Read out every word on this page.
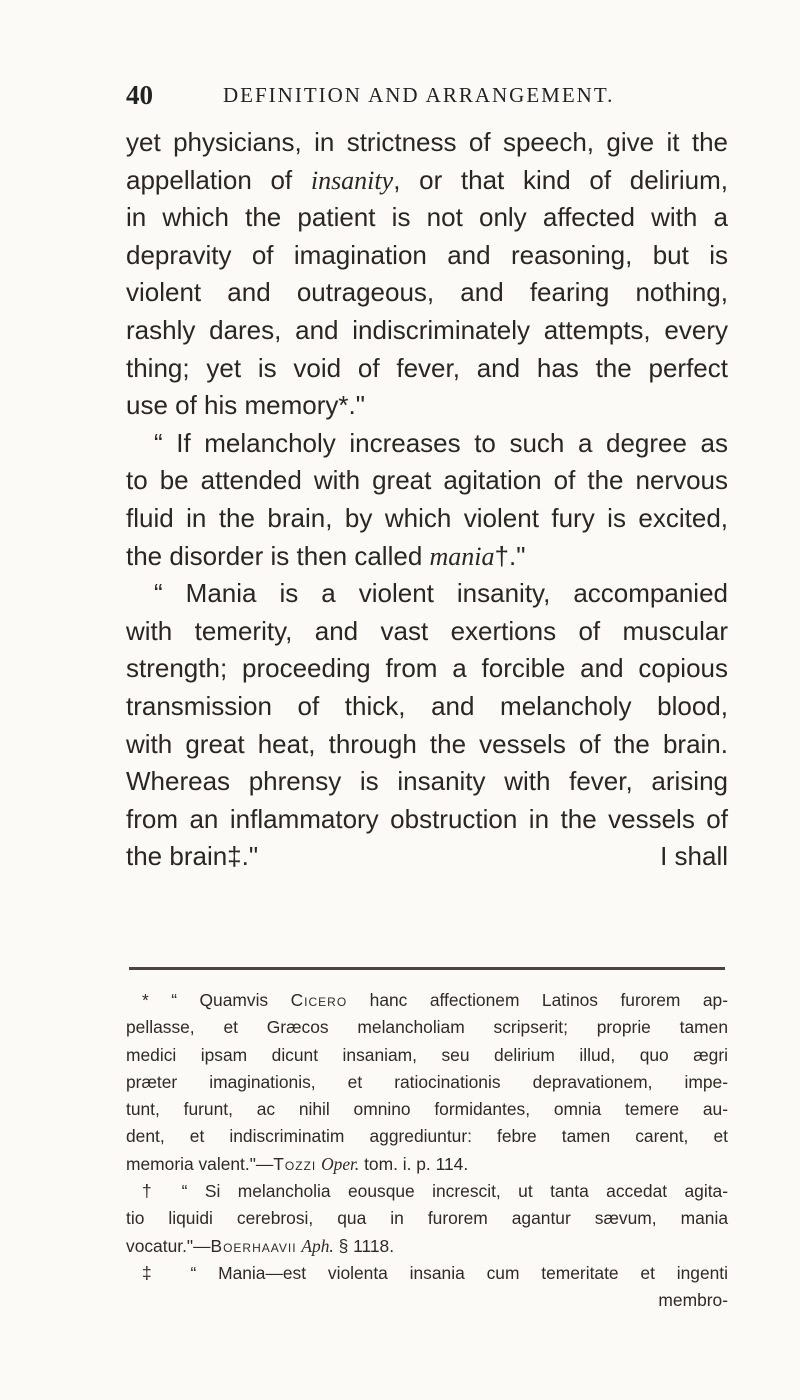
40	DEFINITION AND ARRANGEMENT.
yet physicians, in strictness of speech, give it the
appellation of insanity, or that kind of delirium,
in which the patient is not only affected with a
depravity of imagination and reasoning, but is
violent and outrageous, and fearing nothing,
rashly dares, and indiscriminately attempts, every
thing; yet is void of fever, and has the perfect
use of his memory*."
“ If melancholy increases to such a degree as
to be attended with great agitation of the nervous
fluid in the brain, by which violent fury is excited,
the disorder is then called mania†."
“ Mania is a violent insanity, accompanied
with temerity, and vast exertions of muscular
strength; proceeding from a forcible and copious
transmission of thick, and melancholy blood,
with great heat, through the vessels of the brain.
Whereas phrensy is insanity with fever, arising
from an inflammatory obstruction in the vessels of
the brain‡."	I shall
* “ Quamvis Cicero hanc affectionem Latinos furorem ap-
pellasse, et Græcos melancholiam scripserit; proprie tamen
medici ipsam dicunt insaniam, seu delirium illud, quo ægri
præter imaginationis, et ratiocinationis depravationem, impe-
tunt, furunt, ac nihil omnino formidantes, omnia temere au-
dent, et indiscriminatim aggrediuntur: febre tamen carent, et
memoria valent."—Tozzi Oper. tom. i. p. 114.
† “ Si melancholia eousque increscit, ut tanta accedat agita-
tio liquidi cerebrosi, qua in furorem agantur sævum, mania
vocatur."—Boerhaavii Aph. § 1118.
‡ “ Mania—est violenta insania cum temeritate et ingenti
membro-
